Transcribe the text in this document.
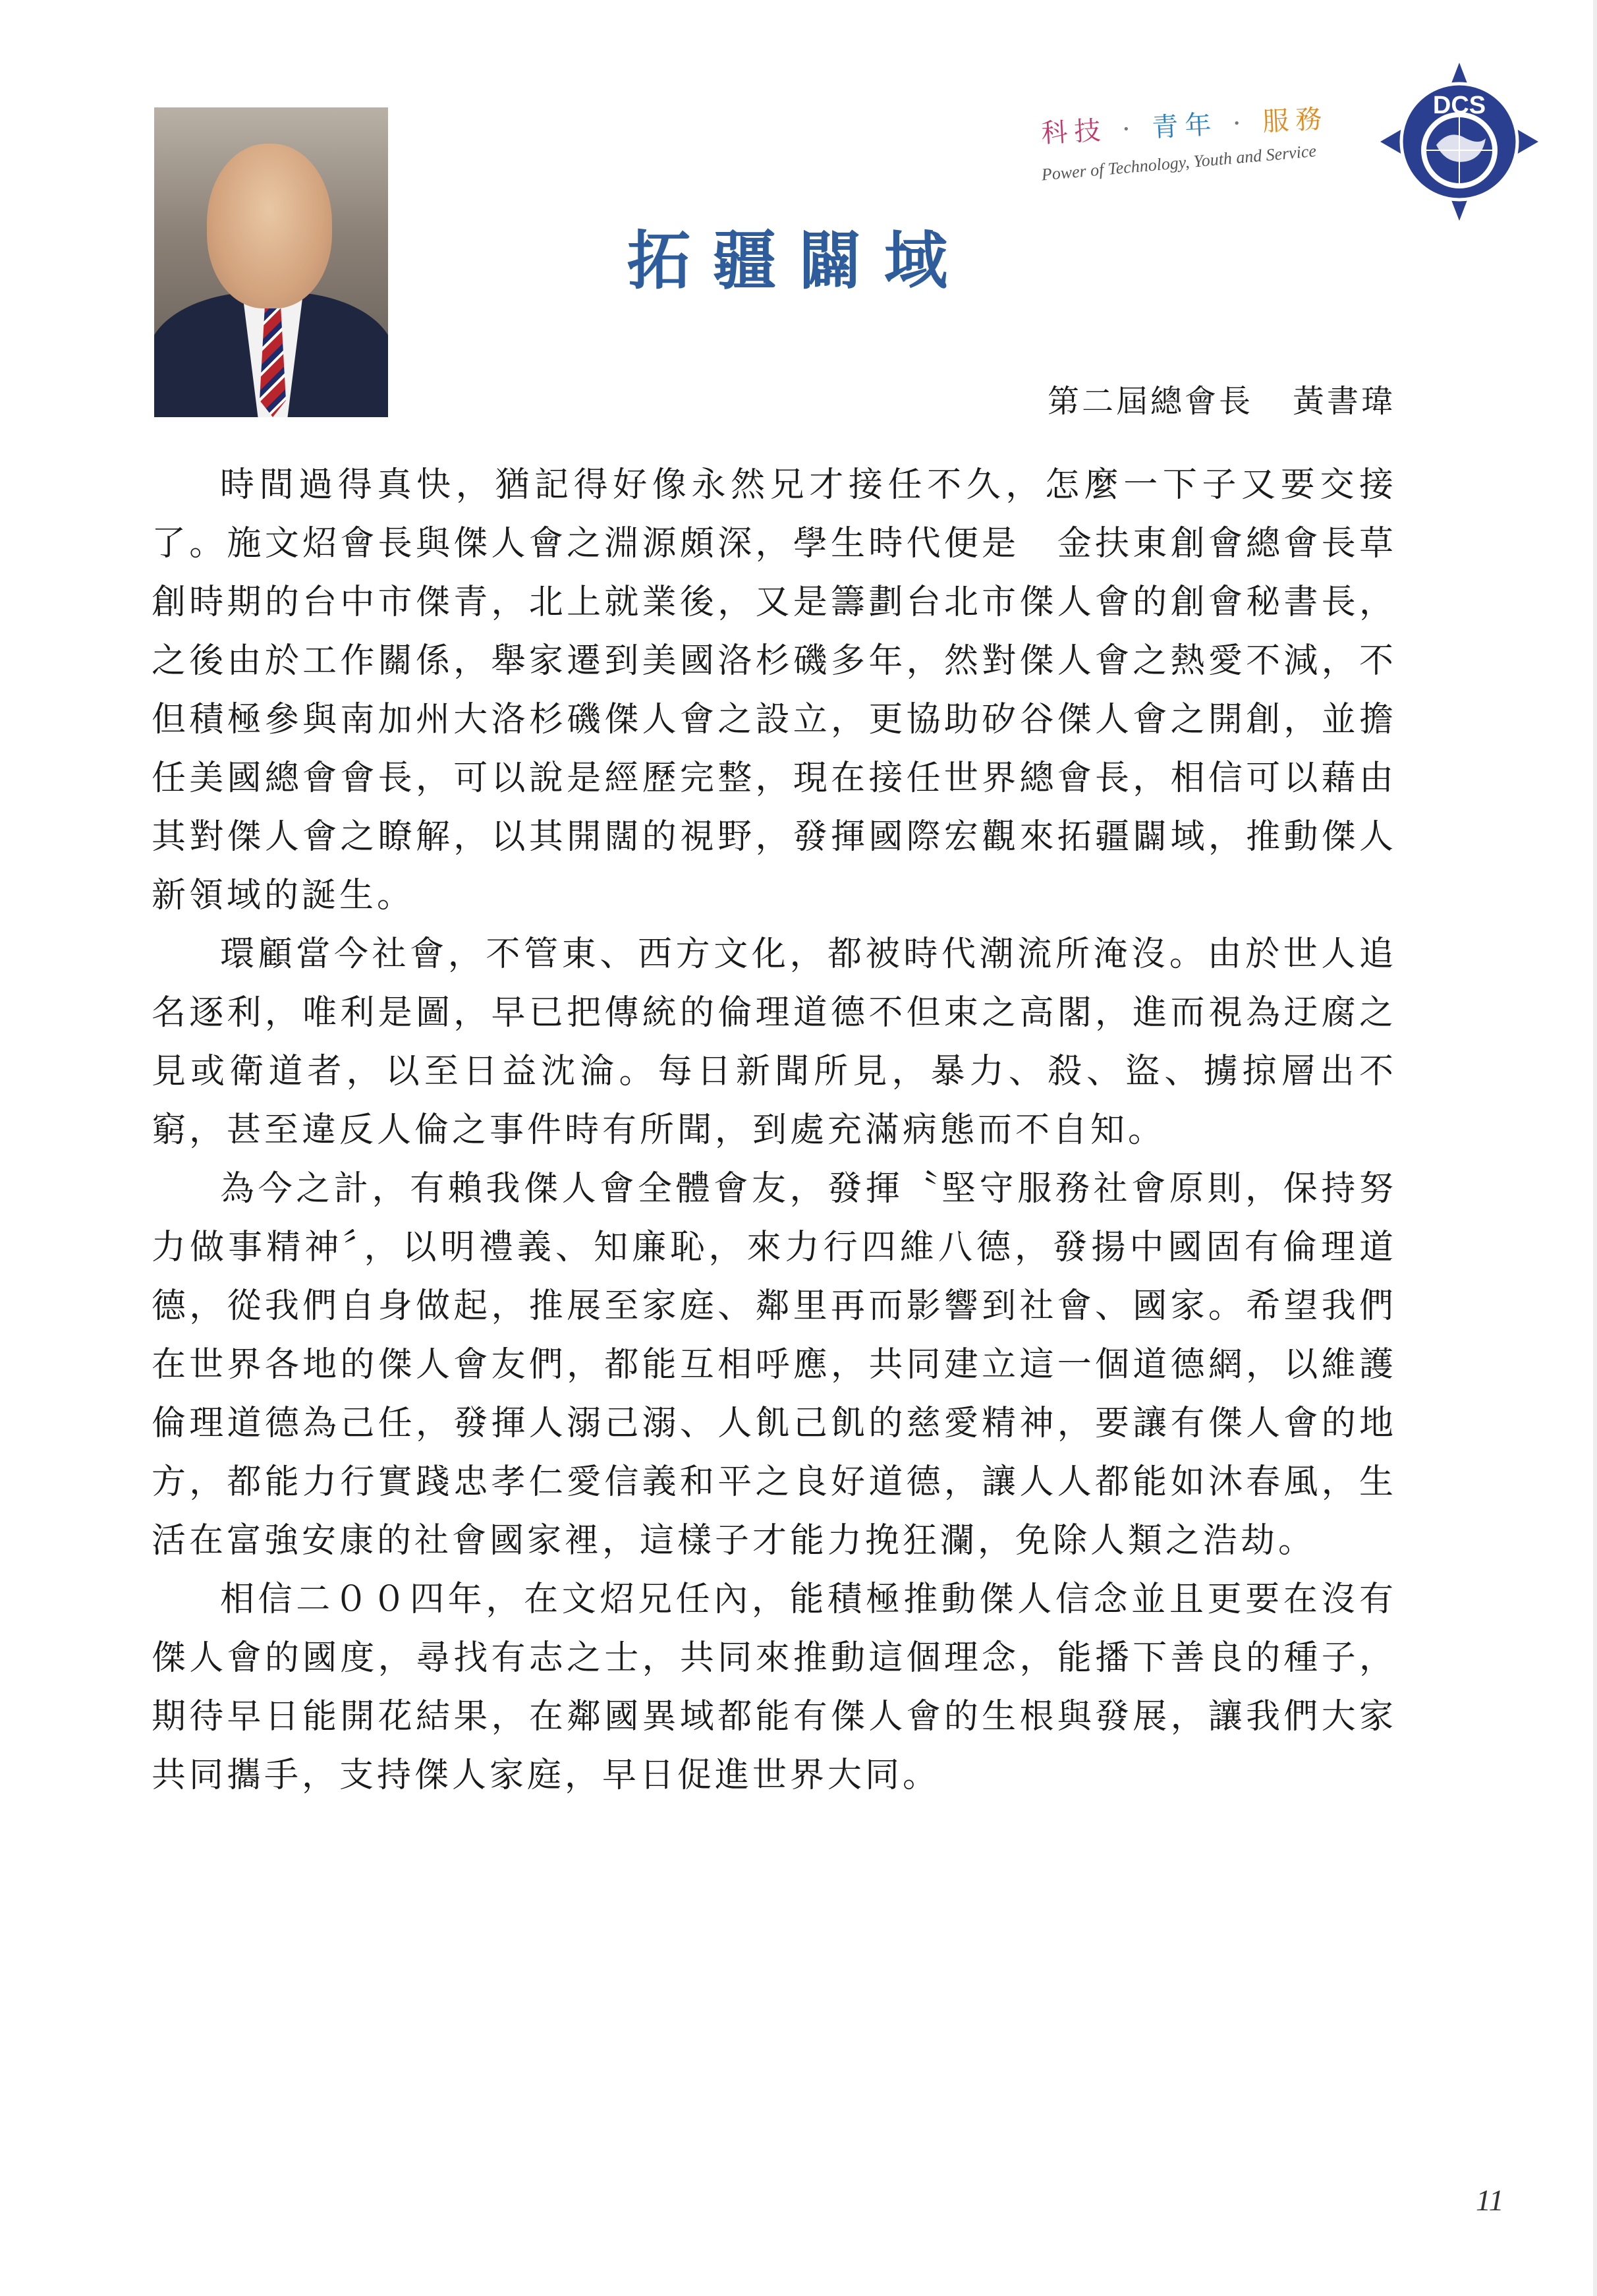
科技 · 青年 · 服務
Power of Technology, Youth and Service
DCS
拓疆闢域
第二屆總會長 黃書瑋

時間過得真快，猶記得好像永然兄才接任不久，怎麼一下子又要交接了。施文炤會長與傑人會之淵源頗深，學生時代便是　金扶東創會總會長草創時期的台中市傑青，北上就業後，又是籌劃台北市傑人會的創會秘書長，之後由於工作關係，舉家遷到美國洛杉磯多年，然對傑人會之熱愛不減，不但積極參與南加州大洛杉磯傑人會之設立，更協助矽谷傑人會之開創，並擔任美國總會會長，可以說是經歷完整，現在接任世界總會長，相信可以藉由其對傑人會之瞭解，以其開闊的視野，發揮國際宏觀來拓疆闢域，推動傑人新領域的誕生。

環顧當今社會，不管東、西方文化，都被時代潮流所淹沒。由於世人追名逐利，唯利是圖，早已把傳統的倫理道德不但束之高閣，進而視為迂腐之見或衛道者，以至日益沈淪。每日新聞所見，暴力、殺、盜、擄掠層出不窮，甚至違反人倫之事件時有所聞，到處充滿病態而不自知。

為今之計，有賴我傑人會全體會友，發揮〝堅守服務社會原則，保持努力做事精神〞，以明禮義、知廉恥，來力行四維八德，發揚中國固有倫理道德，從我們自身做起，推展至家庭、鄰里再而影響到社會、國家。希望我們在世界各地的傑人會友們，都能互相呼應，共同建立這一個道德網，以維護倫理道德為己任，發揮人溺己溺、人飢己飢的慈愛精神，要讓有傑人會的地方，都能力行實踐忠孝仁愛信義和平之良好道德，讓人人都能如沐春風，生活在富強安康的社會國家裡，這樣子才能力挽狂瀾，免除人類之浩劫。

相信二００四年，在文炤兄任內，能積極推動傑人信念並且更要在沒有傑人會的國度，尋找有志之士，共同來推動這個理念，能播下善良的種子，期待早日能開花結果，在鄰國異域都能有傑人會的生根與發展，讓我們大家共同攜手，支持傑人家庭，早日促進世界大同。

11
